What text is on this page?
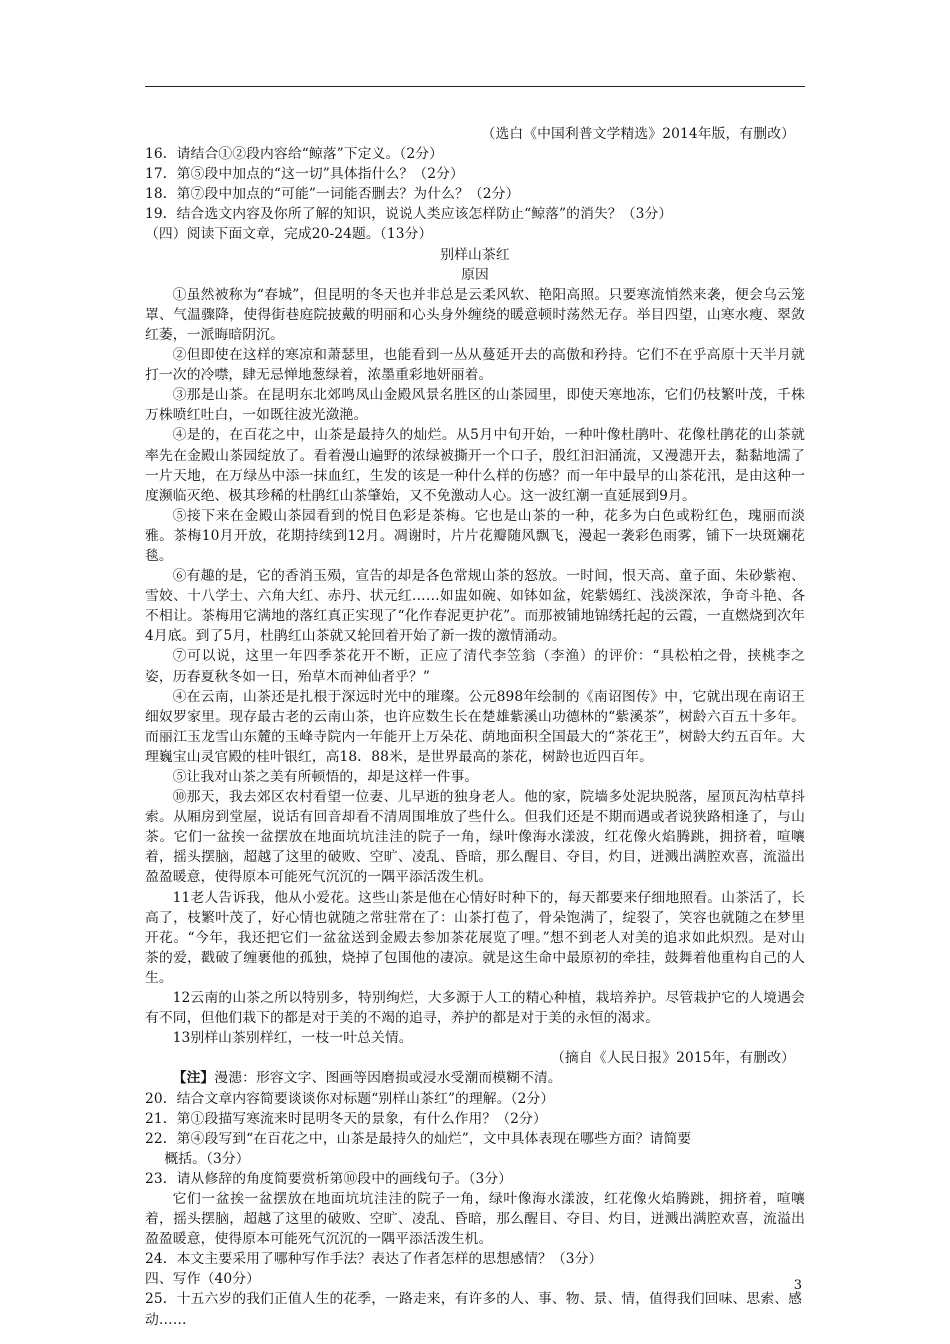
（选白《中国利普文学精选》2014年版，有删改）

16．请结合①②段内容给“鲸落”下定义。（2分）

17．第⑤段中加点的“这一切”具体指什么？（2分）

18．第⑦段中加点的“可能”一词能否删去？为什么？（2分）

19．结合选文内容及你所了解的知识，说说人类应该怎样防止“鲸落”的消失？（3分）

（四）阅读下面文章，完成20-24题。（13分）

别样山茶红

原因

①虽然被称为“春城”，但昆明的冬天也并非总是云柔风软、艳阳高照。只要寒流悄然来袭，便会乌云笼罩、气温骤降，使得街巷庭院披戴的明丽和心头身外缠绕的暖意顿时荡然无存。举目四望，山寒水瘦、翠敛红萎，一派晦暗阴沉。

②但即使在这样的寒凉和萧瑟里，也能看到一丛从蔓延开去的高傲和矜持。它们不在乎高原十天半月就打一次的冷噤，肆无忌惮地葱绿着，浓墨重彩地妍丽着。

③那是山茶。在昆明东北郊鸣凤山金殿风景名胜区的山茶园里，即使天寒地冻，它们仍枝繁叶茂，千株万株喷红吐白，一如既往波光潋滟。

④是的，在百花之中，山茶是最持久的灿烂。从5月中旬开始，一种叶像杜鹃叶、花像杜鹃花的山茶就率先在金殿山茶园绽放了。看着漫山遍野的浓绿被撕开一个口子，殷红汩汩涌流，又漫漶开去，黏黏地濡了一片天地，在万绿丛中添一抹血红，生发的该是一种什么样的伤感？而一年中最早的山茶花汛，是由这种一度濒临灭绝、极其珍稀的杜鹃红山茶肇始，又不免激动人心。这一波红潮一直延展到9月。

⑤接下来在金殿山茶园看到的悦目色彩是茶梅。它也是山茶的一种，花多为白色或粉红色，瑰丽而淡雅。茶梅10月开放，花期持续到12月。凋谢时，片片花瓣随风飘飞，漫起一袭彩色雨雾，铺下一块斑斓花毯。

⑥有趣的是，它的香消玉殒，宣告的却是各色常规山茶的怒放。一时间，恨天高、童子面、朱砂紫袍、雪姣、十八学士、六角大红、赤丹、状元红……如盅如碗、如钵如盆，姹紫嫣红、浅淡深浓，争奇斗艳、各不相让。茶梅用它满地的落红真正实现了“化作春泥更护花”。而那被铺地锦绣托起的云霞，一直燃烧到次年4月底。到了5月，杜鹃红山茶就又轮回着开始了新一拨的激情涌动。

⑦可以说，这里一年四季茶花开不断，正应了清代李笠翁（李渔）的评价：“具松柏之骨，挟桃李之姿，历春夏秋冬如一日，殆草木而神仙者乎？”

④在云南，山茶还是扎根于深远时光中的璀璨。公元898年绘制的《南诏图传》中，它就出现在南诏王细奴罗家里。现存最古老的云南山茶，也许应数生长在楚雄紫溪山功德林的“紫溪茶”，树龄六百五十多年。而丽江玉龙雪山东麓的玉峰寺院内一年能开上万朵花、荫地面积全国最大的“茶花王”，树龄大约五百年。大理巍宝山灵官殿的桂叶银红，高18．88米，是世界最高的茶花，树龄也近四百年。

⑤让我对山茶之美有所顿悟的，却是这样一件事。

⑩那天，我去郊区农村看望一位妻、儿早逝的独身老人。他的家，院墙多处泥块脱落，屋顶瓦沟枯草抖索。从厢房到堂屋，说话有回音却看不清周围堆放了些什么。但我们还是不期而遇或者说狭路相逢了，与山茶。它们一盆挨一盆摆放在地面坑坑洼洼的院子一角，绿叶像海水漾波，红花像火焰腾跳，拥挤着，喧嚷着，摇头摆脑，超越了这里的破败、空旷、凌乱、昏暗，那么醒目、夺目，灼目，迸溅出满腔欢喜，流溢出盈盈暖意，使得原本可能死气沉沉的一隅平添活泼生机。

11老人告诉我，他从小爱花。这些山茶是他在心情好时种下的，每天都要来仔细地照看。山茶活了，长高了，枝繁叶茂了，好心情也就随之常驻常在了：山茶打苞了，骨朵饱满了，绽裂了，笑容也就随之在梦里开花。“今年，我还把它们一盆盆送到金殿去参加茶花展览了哩。”想不到老人对美的追求如此炽烈。是对山茶的爱，戳破了缠裹他的孤独，烧掉了包围他的凄凉。就是这生命中最原初的牵挂，鼓舞着他重构自己的人生。

12云南的山茶之所以特别多，特别绚烂，大多源于人工的精心种植，栽培养护。尽管栽护它的人境遇会有不同，但他们栽下的都是对于美的不竭的追寻，养护的都是对于美的永恒的渴求。

13别样山茶别样红，一枝一叶总关情。

（摘自《人民日报》2015年，有删改）

【注】漫漶：形容文字、图画等因磨损或浸水受潮而模糊不清。

20．结合文章内容简要谈谈你对标题“别样山茶红”的理解。（2分）

21．第①段描写寒流来时昆明冬天的景象，有什么作用？（2分）

22．第④段写到“在百花之中，山茶是最持久的灿烂”，文中具体表现在哪些方面？请简要

概括。（3分）

23．请从修辞的角度简要赏析第⑩段中的画线句子。（3分）

它们一盆挨一盆摆放在地面坑坑洼洼的院子一角，绿叶像海水漾波，红花像火焰腾跳，拥挤着，喧嚷着，摇头摆脑，超越了这里的破败、空旷、凌乱、昏暗，那么醒目、夺目、灼目，迸溅出满腔欢喜，流溢出盈盈暖意，使得原本可能死气沉沉的一隅平添活泼生机。

24．本文主要采用了哪种写作手法？表达了作者怎样的思想感情？（3分）

四、写作（40分）

25．十五六岁的我们正值人生的花季，一路走来，有许多的人、事、物、景、情，值得我们回味、思索、感动……

3
